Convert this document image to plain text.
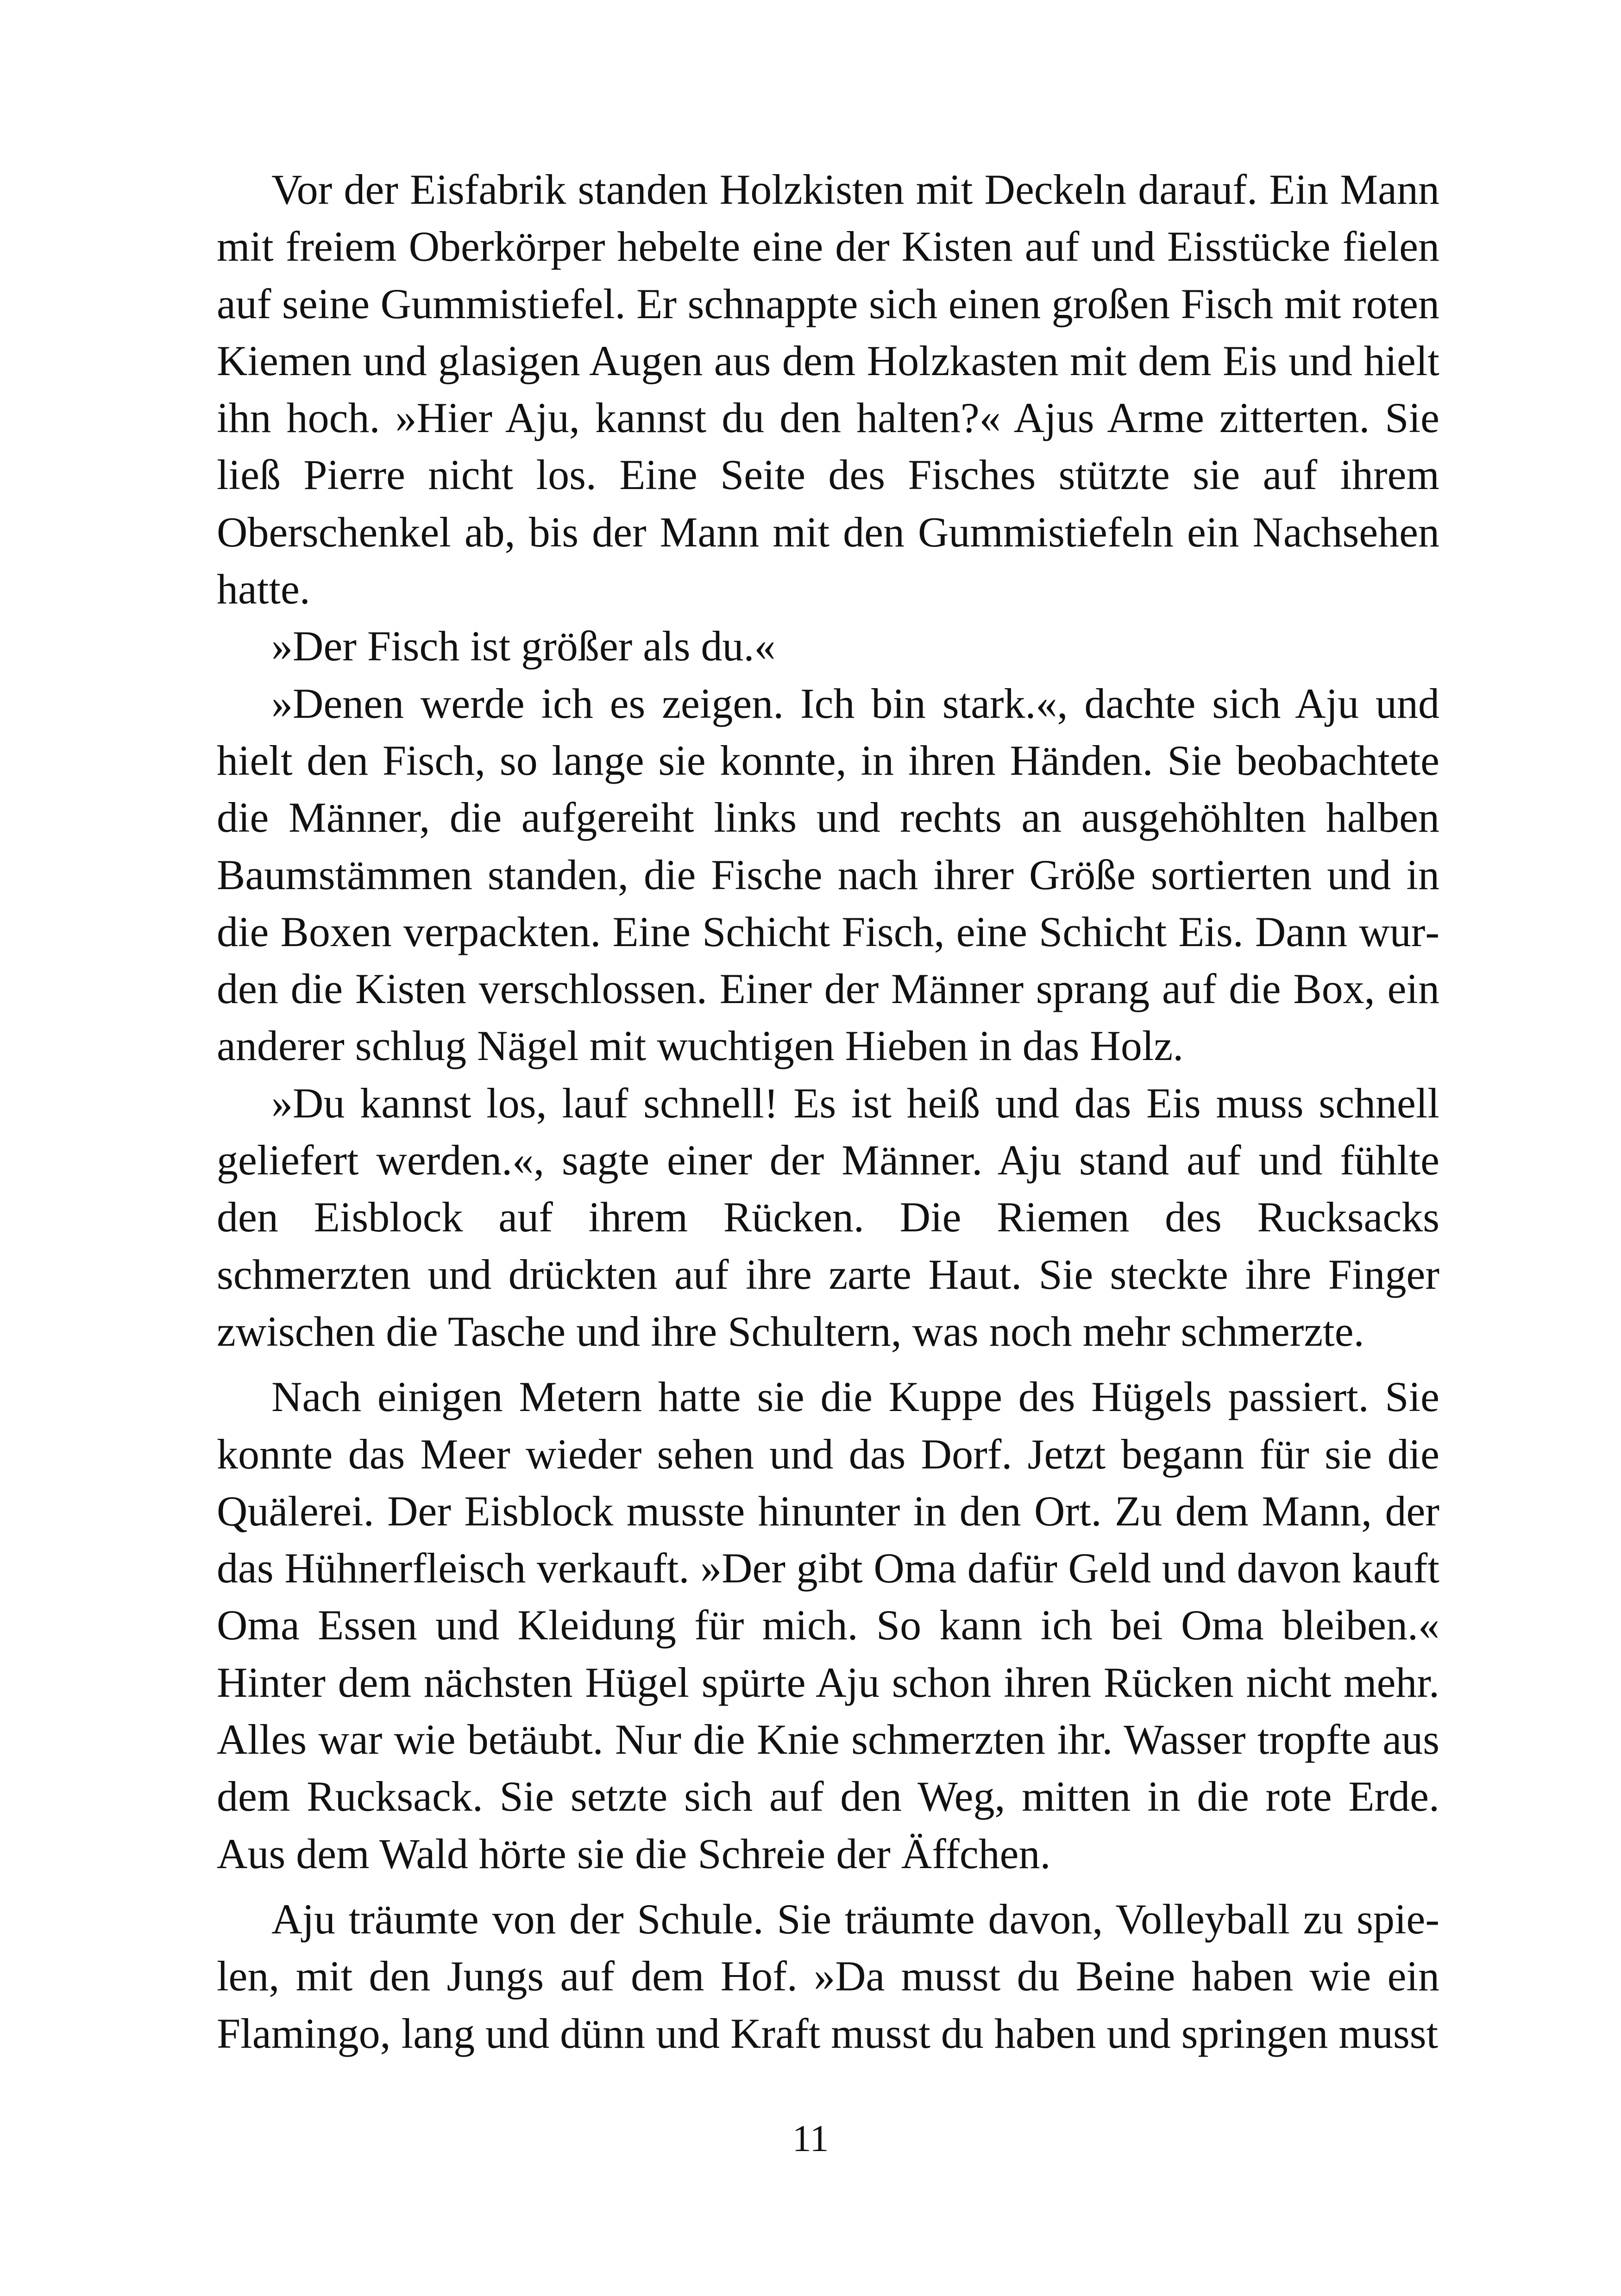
Vor der Eisfabrik standen Holzkisten mit Deckeln darauf. Ein Mann mit freiem Oberkörper hebelte eine der Kisten auf und Eisstücke fielen auf seine Gummistiefel. Er schnappte sich einen großen Fisch mit roten Kiemen und glasigen Augen aus dem Holzkasten mit dem Eis und hielt ihn hoch. »Hier Aju, kannst du den halten?« Ajus Arme zitterten. Sie ließ Pierre nicht los. Eine Seite des Fisches stützte sie auf ihrem Oberschenkel ab, bis der Mann mit den Gummistiefeln ein Nachsehen hatte.

»Der Fisch ist größer als du.«

»Denen werde ich es zeigen. Ich bin stark.«, dachte sich Aju und hielt den Fisch, so lange sie konnte, in ihren Händen. Sie beobachtete die Männer, die aufgereiht links und rechts an ausgehöhlten halben Baumstämmen standen, die Fische nach ihrer Größe sortierten und in die Boxen verpackten. Eine Schicht Fisch, eine Schicht Eis. Dann wurden die Kisten verschlossen. Einer der Männer sprang auf die Box, ein anderer schlug Nägel mit wuchtigen Hieben in das Holz.

»Du kannst los, lauf schnell! Es ist heiß und das Eis muss schnell geliefert werden.«, sagte einer der Männer. Aju stand auf und fühlte den Eisblock auf ihrem Rücken. Die Riemen des Rucksacks schmerzten und drückten auf ihre zarte Haut. Sie steckte ihre Finger zwischen die Tasche und ihre Schultern, was noch mehr schmerzte.

Nach einigen Metern hatte sie die Kuppe des Hügels passiert. Sie konnte das Meer wieder sehen und das Dorf. Jetzt begann für sie die Quälerei. Der Eisblock musste hinunter in den Ort. Zu dem Mann, der das Hühnerfleisch verkauft. »Der gibt Oma dafür Geld und davon kauft Oma Essen und Kleidung für mich. So kann ich bei Oma bleiben.« Hinter dem nächsten Hügel spürte Aju schon ihren Rücken nicht mehr. Alles war wie betäubt. Nur die Knie schmerzten ihr. Wasser tropfte aus dem Rucksack. Sie setzte sich auf den Weg, mitten in die rote Erde. Aus dem Wald hörte sie die Schreie der Äffchen.

Aju träumte von der Schule. Sie träumte davon, Volleyball zu spielen, mit den Jungs auf dem Hof. »Da musst du Beine haben wie ein Flamingo, lang und dünn und Kraft musst du haben und springen musst

11
